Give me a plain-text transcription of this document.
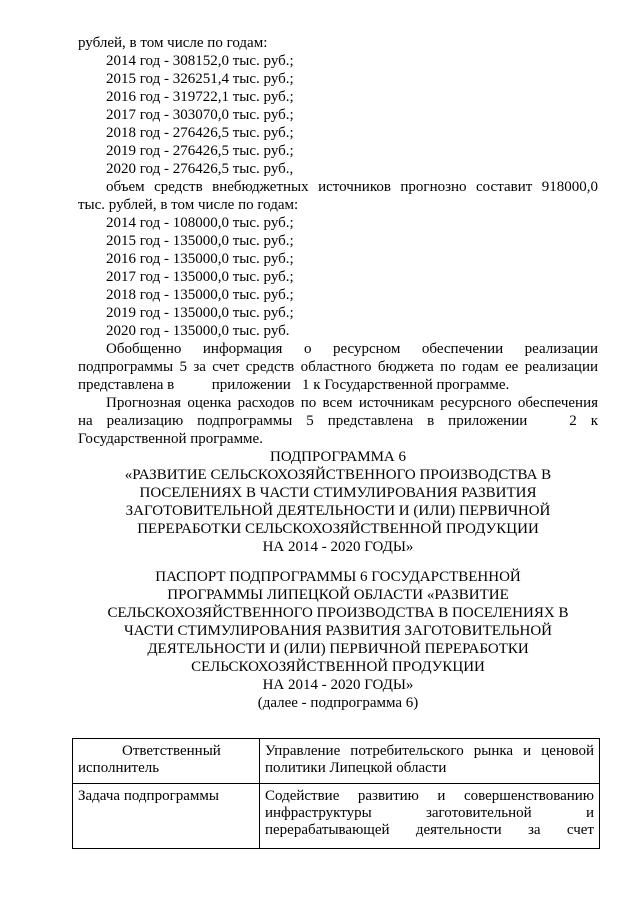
рублей, в том числе по годам:
2014 год - 308152,0 тыс. руб.;
2015 год - 326251,4 тыс. руб.;
2016 год - 319722,1 тыс. руб.;
2017 год - 303070,0 тыс. руб.;
2018 год - 276426,5 тыс. руб.;
2019 год - 276426,5 тыс. руб.;
2020 год - 276426,5 тыс. руб.,
объем средств внебюджетных источников прогнозно составит 918000,0
тыс. рублей, в том числе по годам:
2014 год - 108000,0 тыс. руб.;
2015 год - 135000,0 тыс. руб.;
2016 год - 135000,0 тыс. руб.;
2017 год - 135000,0 тыс. руб.;
2018 год - 135000,0 тыс. руб.;
2019 год - 135000,0 тыс. руб.;
2020 год - 135000,0 тыс. руб.
Обобщенно информация о ресурсном обеспечении реализации
подпрограммы 5 за счет средств областного бюджета по годам ее реализации
представлена в          приложении   1 к Государственной программе.
Прогнозная оценка расходов по всем источникам ресурсного обеспечения
на реализацию подпрограммы 5 представлена в приложении   2 к
Государственной программе.
ПОДПРОГРАММА 6
«РАЗВИТИЕ СЕЛЬСКОХОЗЯЙСТВЕННОГО ПРОИЗВОДСТВА В
ПОСЕЛЕНИЯХ В ЧАСТИ СТИМУЛИРОВАНИЯ РАЗВИТИЯ
ЗАГОТОВИТЕЛЬНОЙ ДЕЯТЕЛЬНОСТИ И (ИЛИ) ПЕРВИЧНОЙ
ПЕРЕРАБОТКИ СЕЛЬСКОХОЗЯЙСТВЕННОЙ ПРОДУКЦИИ
НА 2014 - 2020 ГОДЫ»
ПАСПОРТ ПОДПРОГРАММЫ 6 ГОСУДАРСТВЕННОЙ
ПРОГРАММЫ ЛИПЕЦКОЙ ОБЛАСТИ «РАЗВИТИЕ
СЕЛЬСКОХОЗЯЙСТВЕННОГО ПРОИЗВОДСТВА В ПОСЕЛЕНИЯХ В
ЧАСТИ СТИМУЛИРОВАНИЯ РАЗВИТИЯ ЗАГОТОВИТЕЛЬНОЙ
ДЕЯТЕЛЬНОСТИ И (ИЛИ) ПЕРВИЧНОЙ ПЕРЕРАБОТКИ
СЕЛЬСКОХОЗЯЙСТВЕННОЙ ПРОДУКЦИИ
НА 2014 - 2020 ГОДЫ»
(далее - подпрограмма 6)
Ответственный
исполнитель	Управление потребительского рынка и ценовой
политики Липецкой области

Задача подпрограммы	Содействие развитию и совершенствованию
инфраструктуры заготовительной и
перерабатывающей деятельности за счет
